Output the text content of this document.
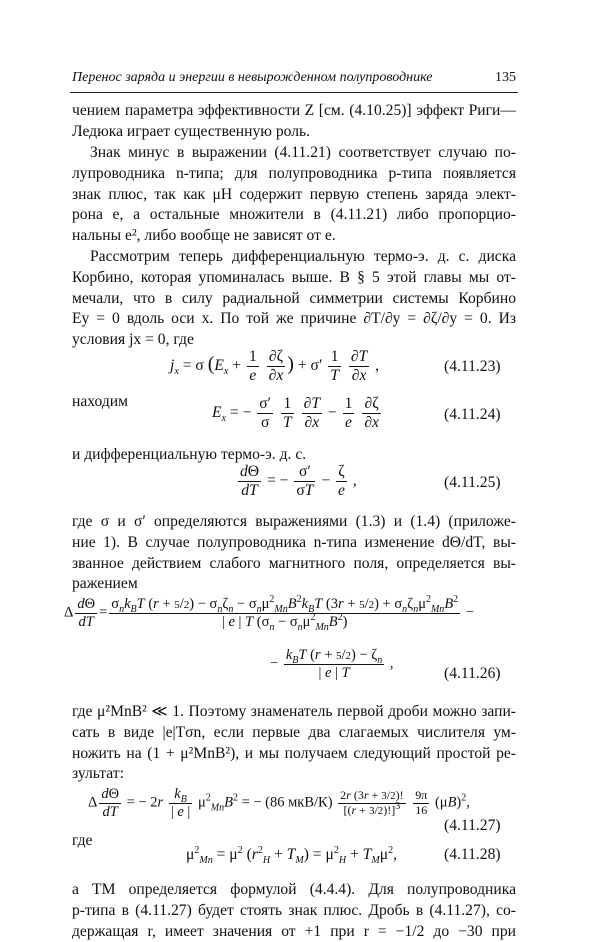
Перенос заряда и энергии в невырожденном полупроводнике	135
чением параметра эффективности Z [см. (4.10.25)] эффект Риги—
Ледюка играет существенную роль.
Знак минус в выражении (4.11.21) соответствует случаю по-
лупроводника n-типа; для полупроводника p-типа появляется
знак плюс, так как μH содержит первую степень заряда элект-
рона e, а остальные множители в (4.11.21) либо пропорцио-
нальны e², либо вообще не зависят от e.
Рассмотрим теперь дифференциальную термо-э. д. с. диска
Корбино, которая упоминалась выше. В § 5 этой главы мы от-
мечали, что в силу радиальной симметрии системы Корбино
Ey = 0 вдоль оси x. По той же причине ∂T/∂y = ∂ζ/∂y = 0. Из
условия jx = 0, где
$j_x = \sigma$ ($E_x + \frac{1}{e}$
$\frac{\partial\zeta}{\partial x}$ ) + $\sigma' \frac{1}{T}$
$\frac{\partial T}{\partial x}$ ,	(4.11.23)
находим
$E_x$ = − $\frac{\sigma'}{\sigma}$
$\frac{1}{T}$
$\frac{\partial T}{\partial x} - \frac{1}{e}$
$\frac{\partial\zeta}{\partial x}$	(4.11.24)
и дифференциальную термо-э. д. с.
$\frac{d\Theta}{dT}$ = − $\frac{\sigma'}{\sigma T} - \frac{\zeta}{e}$ ,	(4.11.25)
где σ и σ′ определяются выражениями (1.3) и (1.4) (приложе-
ние 1). В случае полупроводника n-типа изменение dΘ/dT, вы-
званное действием слабого магнитного поля, определяется вы-
ражением
Δ $\frac{d\Theta}{dT} = \frac{\sigma_nk_BT (r + 5/2) - \sigma_n\zeta_n - \sigma_n\mu^2_{Mn}B^2k_BT (3r + 5/2) + \sigma_n\zeta_n\mu^2_{Mn}B^2}{| e | T (\sigma_n - \sigma_n\mu^2_{Mn}B^2)}$ −
− $\frac{k_BT (r + 5/2) - \zeta_n}{| e | T}$ ,
(4.11.26)
где μ²MnB² ≪ 1. Поэтому знаменатель первой дроби можно запи-
сать в виде |e|Tσn, если первые два слагаемых числителя ум-
ножить на (1 + μ²MnB²), и мы получаем следующий простой ре-
зультат:
Δ $\frac{d\Theta}{dT}$ = − $2r \frac{k_B}{| e |} \mu^2_{Mn}B^2$ = − (86 $мкВ/К) \frac{2r (3r + 3/2)!}{[(r + 3/2)!]^3}$
$\frac{9\pi}{16} (\mu B)^2$,
(4.11.27)
где
$\mu^2_{Mn} = \mu^2$ $(r^2_H + T_M) = \mu^2_H + T_M\mu^2$,	(4.11.28)
а TM определяется формулой (4.4.4). Для полупроводника
p-типа в (4.11.27) будет стоять знак плюс. Дробь в (4.11.27), со-
держащая r, имеет значения от +1 при r = −1/2 до −30 при
